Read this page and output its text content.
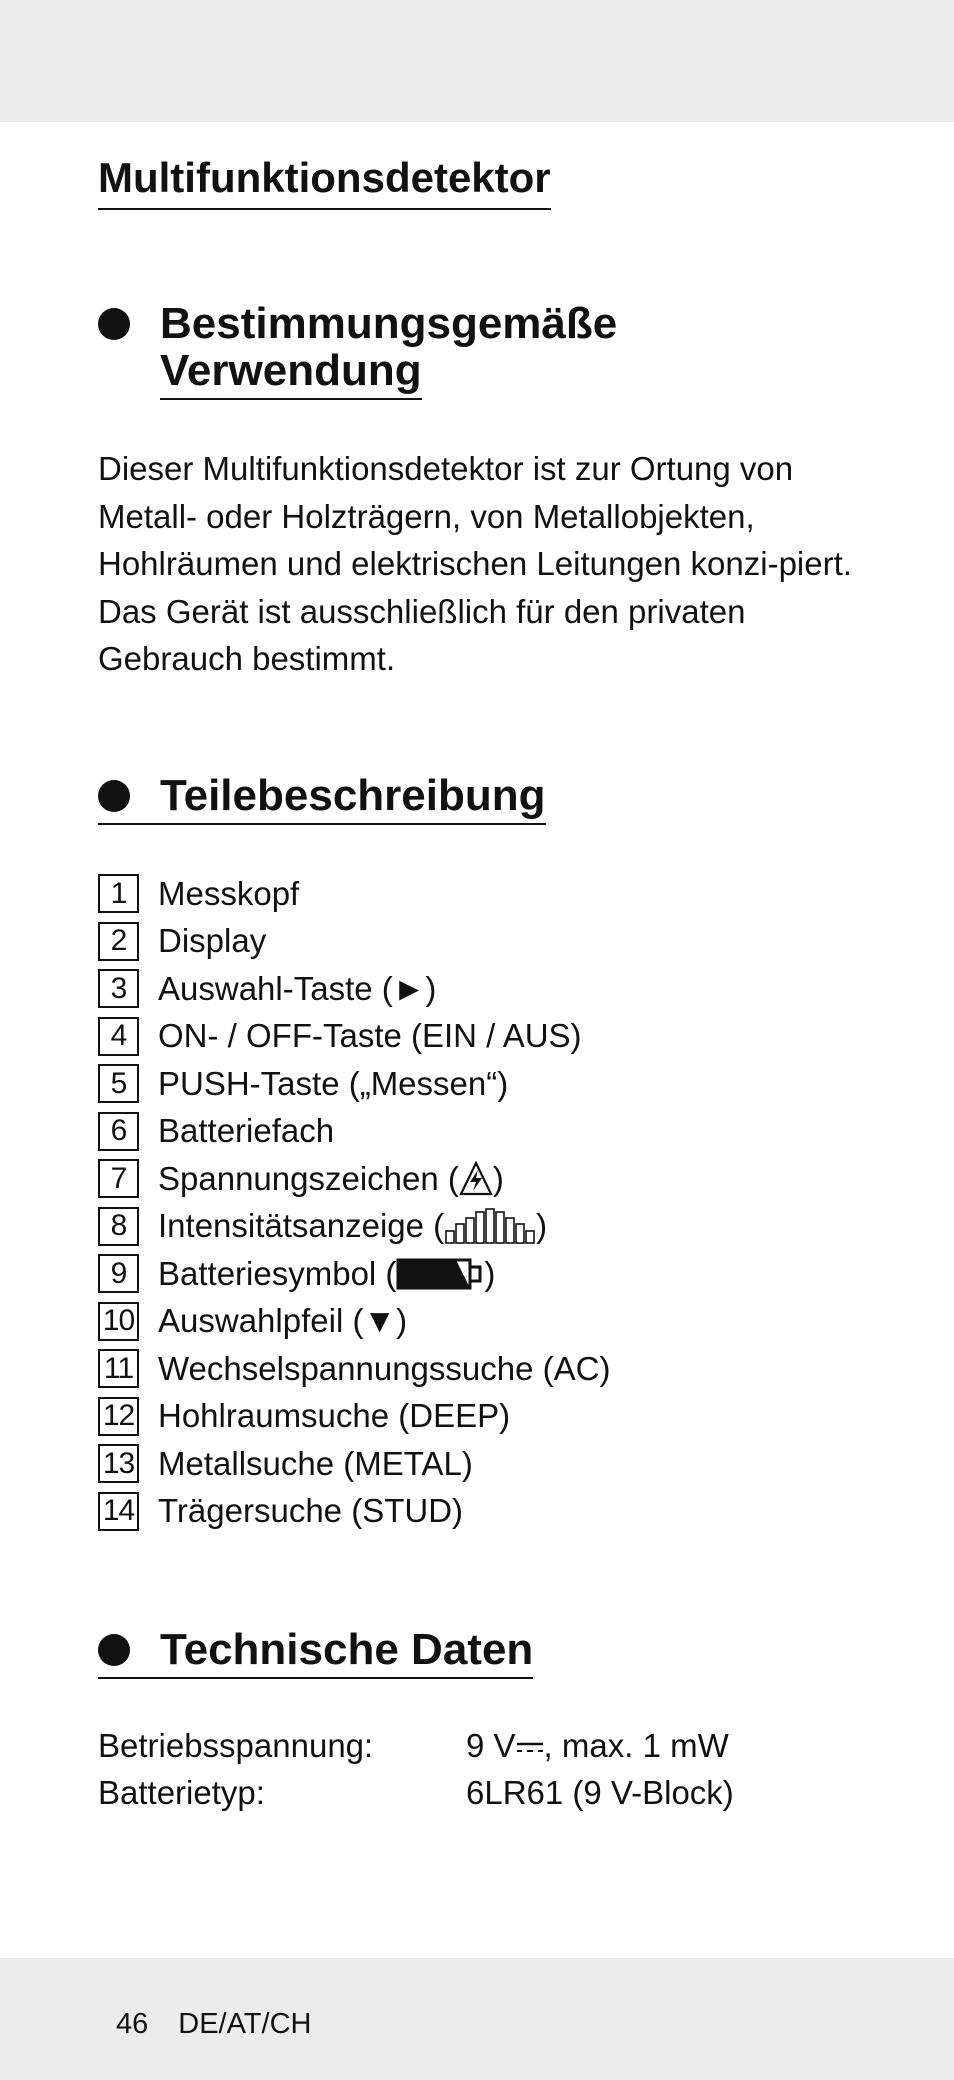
Multifunktionsdetektor
Bestimmungsgemäße
Verwendung

Dieser Multifunktionsdetektor ist zur Ortung von Metall- oder Holzträgern, von Metallobjekten, Hohlräumen und elektrischen Leitungen konzi-piert. Das Gerät ist ausschließlich für den privaten Gebrauch bestimmt.

Teilebeschreibung
1 Messkopf
2 Display
3 Auswahl-Taste (►)
4 ON- / OFF-Taste (EIN / AUS)
5 PUSH-Taste („Messen“)
6 Batteriefach
7 Spannungszeichen ( )
8 Intensitätsanzeige (	)
9 Batteriesymbol (	)
10 Auswahlpfeil (▼)
11 Wechselspannungssuche (AC)
12 Hohlraumsuche (DEEP)
13 Metallsuche (METAL)
14 Trägersuche (STUD)
Technische Daten
Betriebsspannung:	9 V , max. 1 mW
Batterietyp:	6LR61 (9 V-Block)
46 DE/AT/CH
